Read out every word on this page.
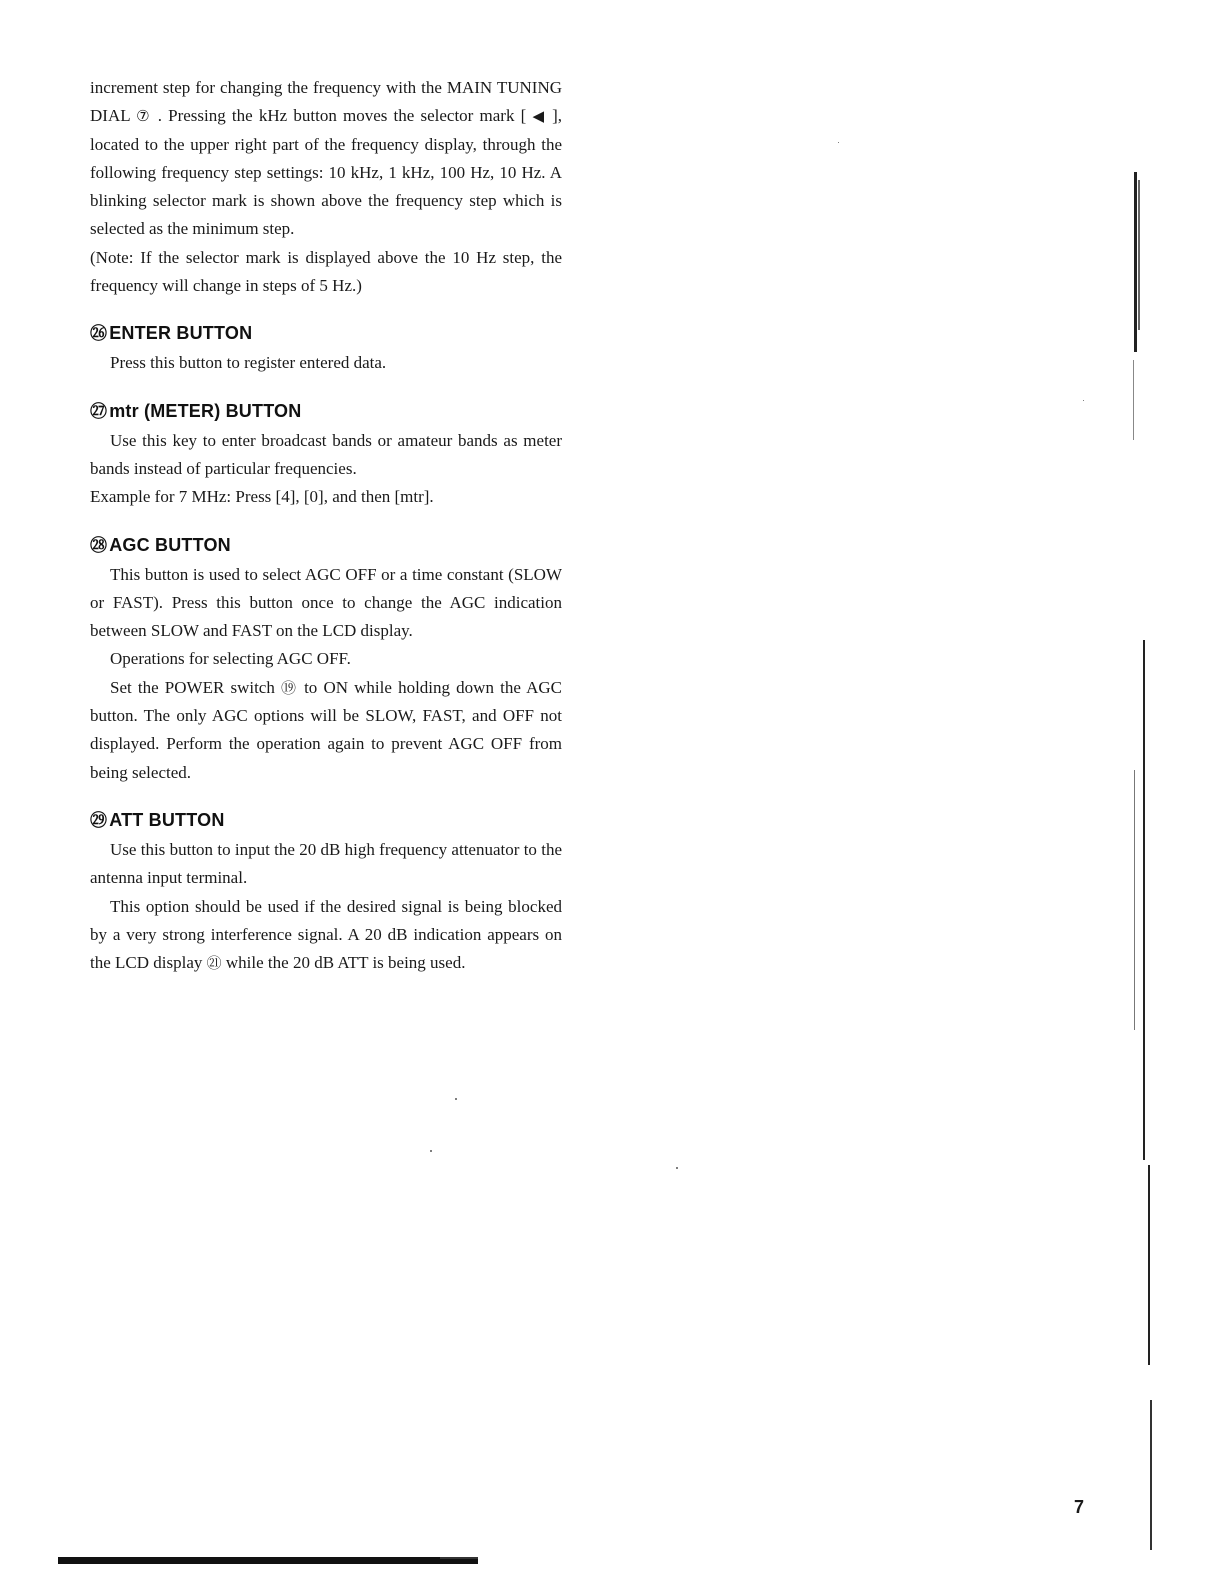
increment step for changing the frequency with the MAIN TUNING DIAL ⑦ . Pressing the kHz button moves the selector mark [ ◀ ], located to the upper right part of the frequency display, through the following frequency step settings: 10 kHz, 1 kHz, 100 Hz, 10 Hz. A blinking selector mark is shown above the frequency step which is selected as the minimum step.

(Note: If the selector mark is displayed above the 10 Hz step, the frequency will change in steps of 5 Hz.)

㉖ ENTER BUTTON

Press this button to register entered data.

㉗ mtr (METER) BUTTON

Use this key to enter broadcast bands or amateur bands as meter bands instead of particular frequencies.

Example for 7 MHz: Press [4], [0], and then [mtr].

㉘ AGC BUTTON

This button is used to select AGC OFF or a time constant (SLOW or FAST). Press this button once to change the AGC indication between SLOW and FAST on the LCD display.

Operations for selecting AGC OFF.

Set the POWER switch ⑲ to ON while holding down the AGC button. The only AGC options will be SLOW, FAST, and OFF not displayed. Perform the operation again to prevent AGC OFF from being selected.

㉙ ATT BUTTON

Use this button to input the 20 dB high frequency attenuator to the antenna input terminal.

This option should be used if the desired signal is being blocked by a very strong interference signal. A 20 dB indication appears on the LCD display ㉑ while the 20 dB ATT is being used.

7
